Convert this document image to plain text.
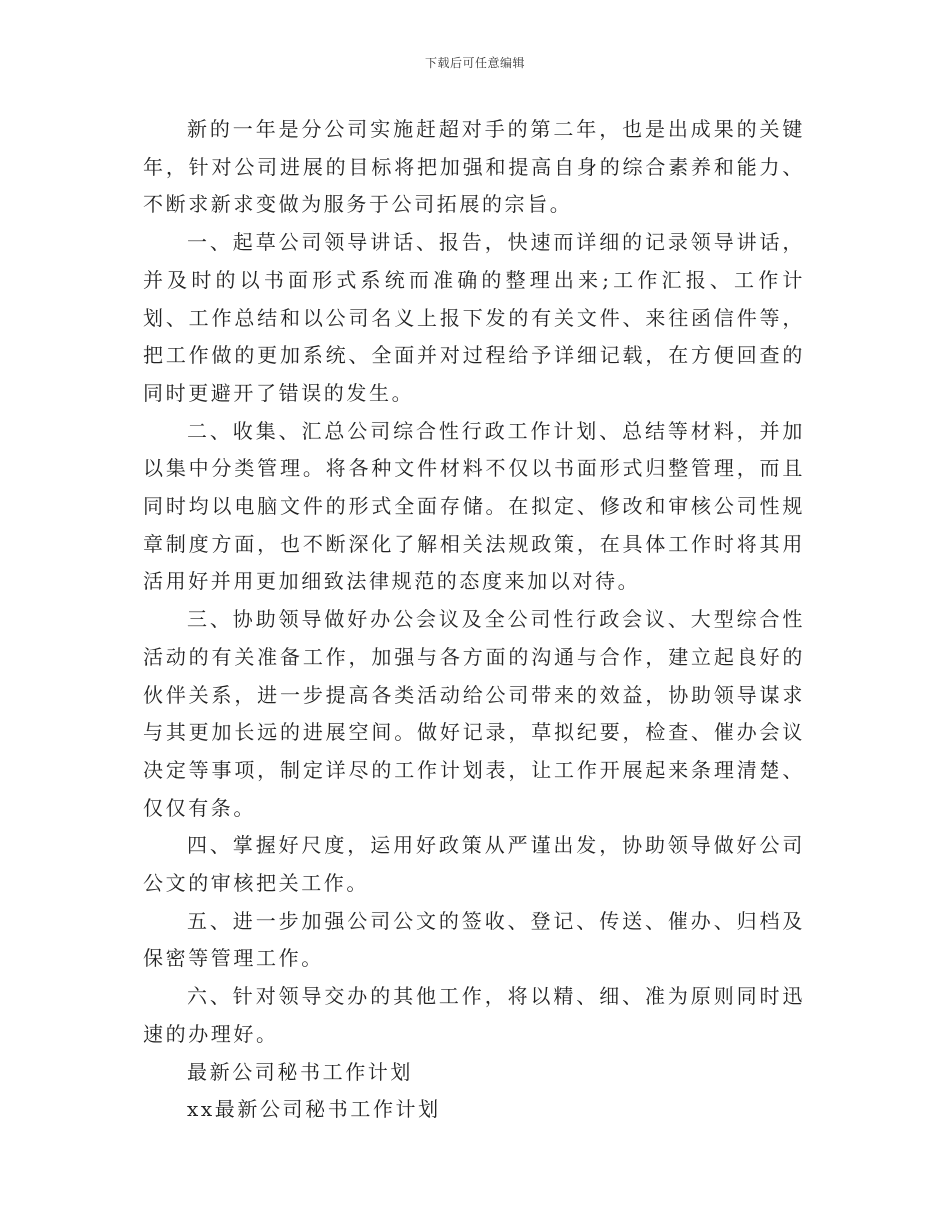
下载后可任意编辑

新的一年是分公司实施赶超对手的第二年，也是出成果的关键年，针对公司进展的目标将把加强和提高自身的综合素养和能力、不断求新求变做为服务于公司拓展的宗旨。

一、起草公司领导讲话、报告，快速而详细的记录领导讲话，并及时的以书面形式系统而准确的整理出来;工作汇报、工作计划、工作总结和以公司名义上报下发的有关文件、来往函信件等，把工作做的更加系统、全面并对过程给予详细记载，在方便回查的同时更避开了错误的发生。

二、收集、汇总公司综合性行政工作计划、总结等材料，并加以集中分类管理。将各种文件材料不仅以书面形式归整管理，而且同时均以电脑文件的形式全面存储。在拟定、修改和审核公司性规章制度方面，也不断深化了解相关法规政策，在具体工作时将其用活用好并用更加细致法律规范的态度来加以对待。

三、协助领导做好办公会议及全公司性行政会议、大型综合性活动的有关准备工作，加强与各方面的沟通与合作，建立起良好的伙伴关系，进一步提高各类活动给公司带来的效益，协助领导谋求与其更加长远的进展空间。做好记录，草拟纪要，检查、催办会议决定等事项，制定详尽的工作计划表，让工作开展起来条理清楚、仅仅有条。

四、掌握好尺度，运用好政策从严谨出发，协助领导做好公司公文的审核把关工作。

五、进一步加强公司公文的签收、登记、传送、催办、归档及保密等管理工作。

六、针对领导交办的其他工作，将以精、细、准为原则同时迅速的办理好。

最新公司秘书工作计划

xx最新公司秘书工作计划
